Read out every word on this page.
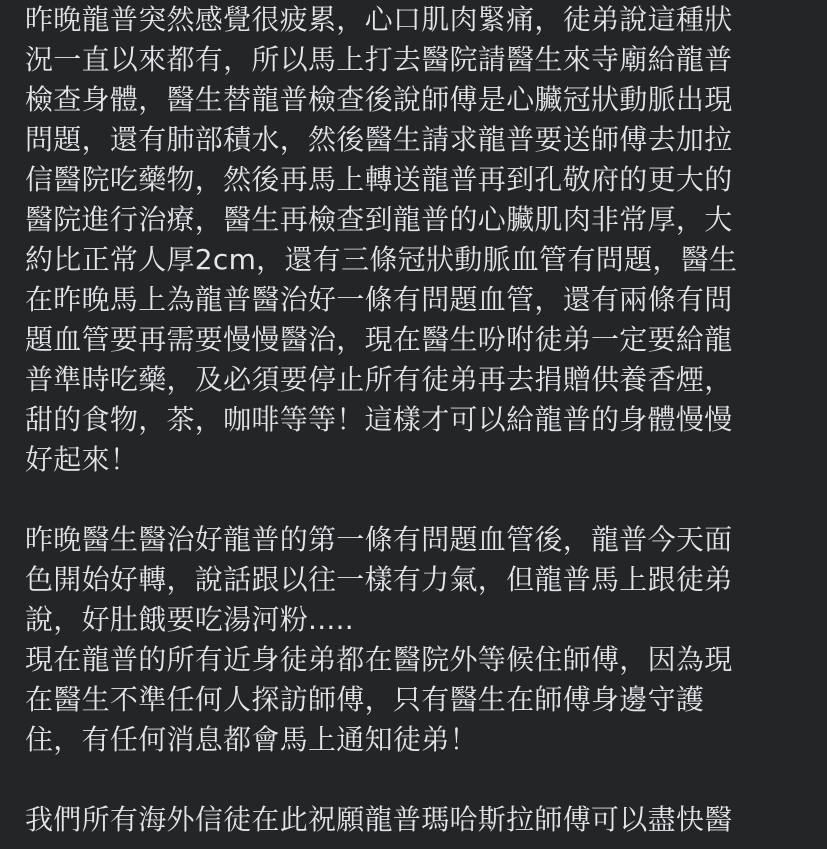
昨晚龍普突然感覺很疲累，心口肌肉緊痛，徒弟說這種狀
況一直以來都有，所以馬上打去醫院請醫生來寺廟給龍普
檢查身體，醫生替龍普檢查後說師傅是心臟冠狀動脈出現
問題，還有肺部積水，然後醫生請求龍普要送師傅去加拉
信醫院吃藥物，然後再馬上轉送龍普再到孔敬府的更大的
醫院進行治療，醫生再檢查到龍普的心臟肌肉非常厚，大
約比正常人厚2cm，還有三條冠狀動脈血管有問題，醫生
在昨晚馬上為龍普醫治好一條有問題血管，還有兩條有問
題血管要再需要慢慢醫治，現在醫生吩咐徒弟一定要給龍
普準時吃藥，及必須要停止所有徒弟再去捐贈供養香煙，
甜的食物，茶，咖啡等等！這樣才可以給龍普的身體慢慢
好起來！
昨晚醫生醫治好龍普的第一條有問題血管後，龍普今天面
色開始好轉，說話跟以往一樣有力氣，但龍普馬上跟徒弟
說，好肚餓要吃湯河粉.....
現在龍普的所有近身徒弟都在醫院外等候住師傅，因為現
在醫生不準任何人探訪師傅，只有醫生在師傅身邊守護
住，有任何消息都會馬上通知徒弟！
我們所有海外信徒在此祝願龍普瑪哈斯拉師傅可以盡快醫
